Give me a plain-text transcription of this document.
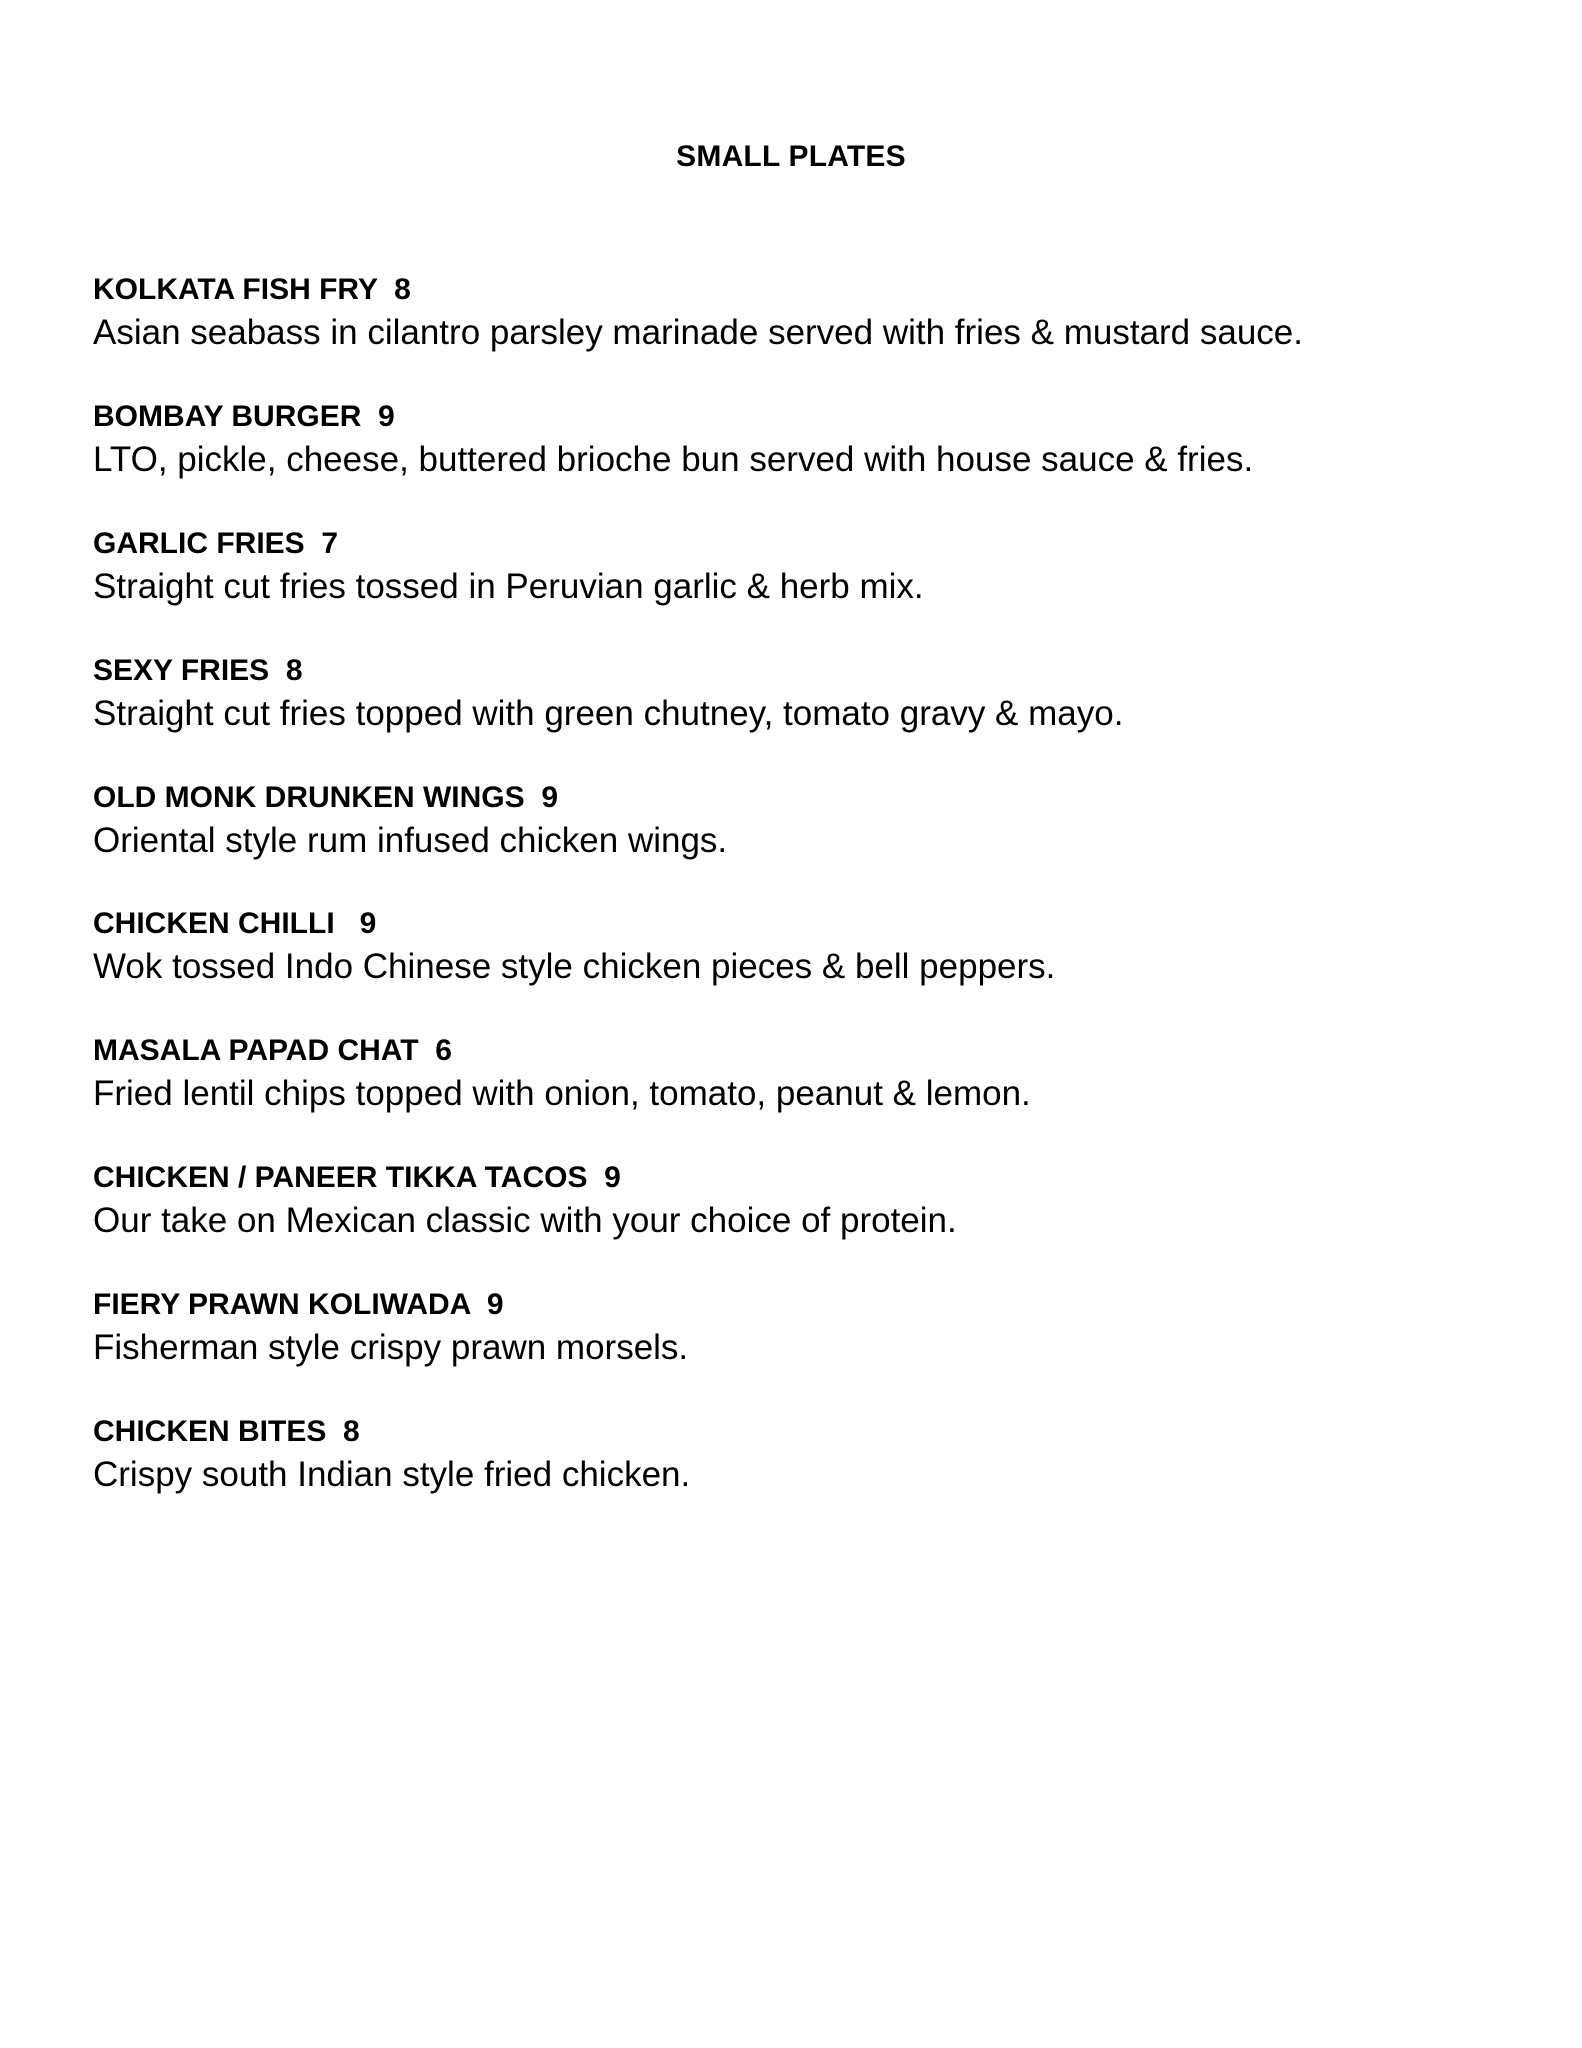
SMALL PLATES
KOLKATA FISH FRY 8
Asian seabass in cilantro parsley marinade served with fries & mustard sauce.
BOMBAY BURGER 9
LTO, pickle, cheese, buttered brioche bun served with house sauce & fries.
GARLIC FRIES 7
Straight cut fries tossed in Peruvian garlic & herb mix.
SEXY FRIES 8
Straight cut fries topped with green chutney, tomato gravy & mayo.
OLD MONK DRUNKEN WINGS 9
Oriental style rum infused chicken wings.
CHICKEN CHILLI 9
Wok tossed Indo Chinese style chicken pieces & bell peppers.
MASALA PAPAD CHAT 6
Fried lentil chips topped with onion, tomato, peanut & lemon.
CHICKEN / PANEER TIKKA TACOS 9
Our take on Mexican classic with your choice of protein.
FIERY PRAWN KOLIWADA 9
Fisherman style crispy prawn morsels.
CHICKEN BITES 8
Crispy south Indian style fried chicken.
